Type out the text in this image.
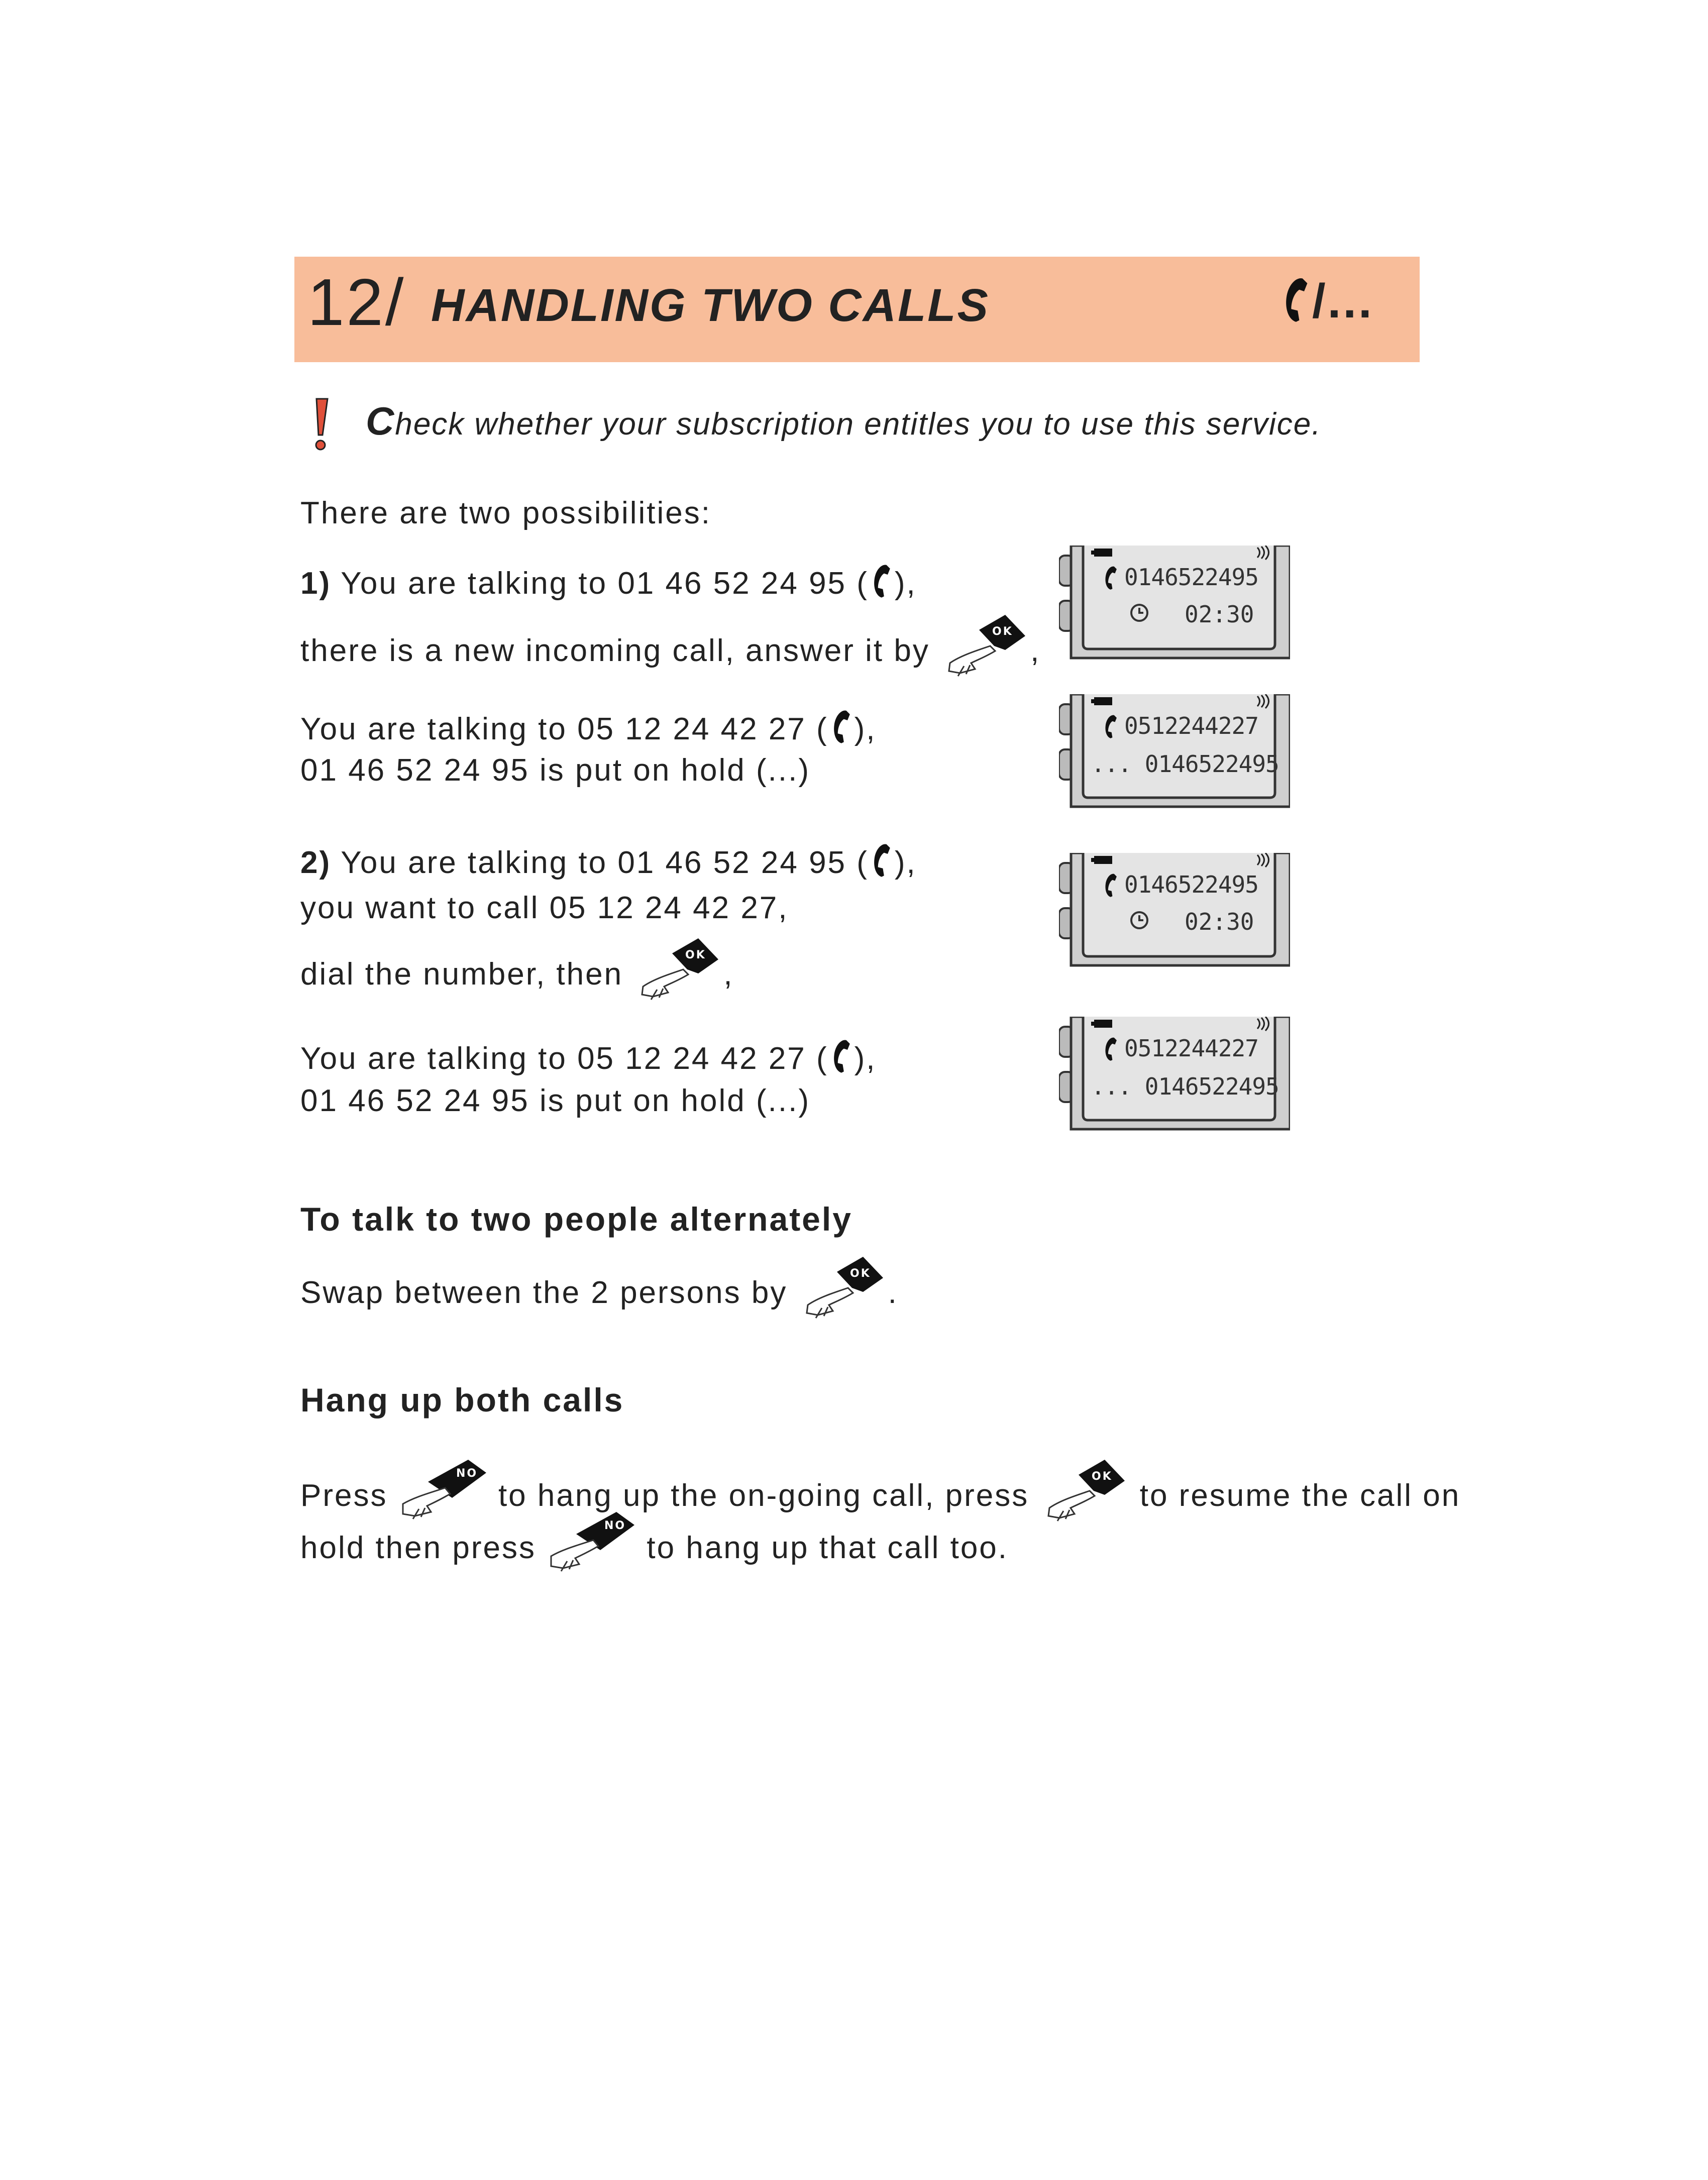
12/ HANDLING TWO CALLS	/...
Check whether your subscription entitles you to use this service.
There are two possibilities:
1) You are talking to 01 46 52 24 95 ( ),
there is a new incoming call, answer it by	,
You are talking to 05 12 24 42 27 ( ),
01 46 52 24 95 is put on hold (...)
2) You are talking to 01 46 52 24 95 ( ),
you want to call 05 12 24 42 27,
dial the number, then	,
You are talking to 05 12 24 42 27 ( ),
01 46 52 24 95 is put on hold (...)
0146522495
02:30
0512244227
... 0146522495
0146522495
02:30
0512244227
... 0146522495
To talk to two people alternately
Swap between the 2 persons by	.
Hang up both calls
Press	to hang up the on-going call, press	to resume the call on
hold then press	to hang up that call too.
